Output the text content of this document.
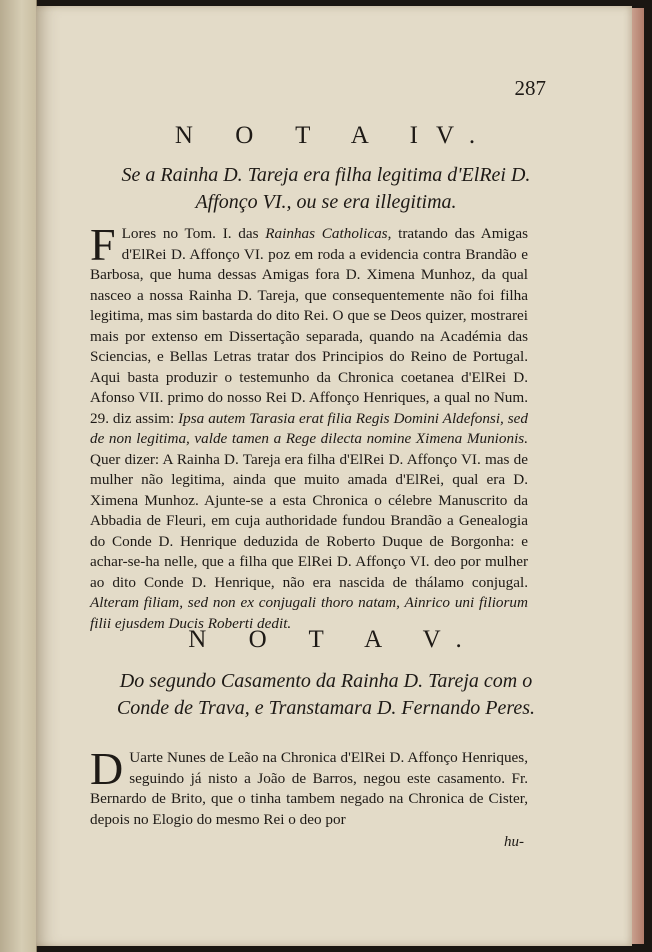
287
N O T A IV.
Se a Rainha D. Tareja era filha legitima d'ElRei D. Affonço VI., ou se era illegitima.

F Lores no Tom. I. das Rainhas Catholicas, tratando das Amigas d'ElRei D. Affonço VI. poz em roda a evidencia contra Brandão e Barbosa, que huma dessas Amigas fora D. Ximena Munhoz, da qual nasceo a nossa Rainha D. Tareja, que consequentemente não foi filha legitima, mas sim bastarda do dito Rei. O que se Deos quizer, mostrarei mais por extenso em Dissertação separada, quando na Académia das Sciencias, e Bellas Letras tratar dos Principios do Reino de Portugal. Aqui basta produzir o testemunho da Chronica coetanea d'ElRei D. Afonso VII. primo do nosso Rei D. Affonço Henriques, a qual no Num. 29. diz assim: Ipsa autem Tarasia erat filia Regis Domini Aldefonsi, sed de non legitima, valde tamen a Rege dilecta nomine Ximena Munionis. Quer dizer: A Rainha D. Tareja era filha d'ElRei D. Affonço VI. mas de mulher não legitima, ainda que muito amada d'ElRei, qual era D. Ximena Munhoz. Ajunte-se a esta Chronica o célebre Manuscrito da Abbadia de Fleuri, em cuja authoridade fundou Brandão a Genealogia do Conde D. Henrique deduzida de Roberto Duque de Borgonha: e achar-se-ha nelle, que a filha que ElRei D. Affonço VI. deo por mulher ao dito Conde D. Henrique, não era nascida de thálamo conjugal. Alteram filiam, sed non ex conjugali thoro natam, Ainrico uni filiorum filii ejusdem Ducis Roberti dedit.

N O T A V.
Do segundo Casamento da Rainha D. Tareja com o Conde de Trava, e Transtamara D. Fernando Peres.

D Uarte Nunes de Leão na Chronica d'ElRei D. Affonço Henriques, seguindo já nisto a João de Barros, negou este casamento. Fr. Bernardo de Brito, que o tinha tambem negado na Chronica de Cister, depois no Elogio do mesmo Rei o deo por

hu-
